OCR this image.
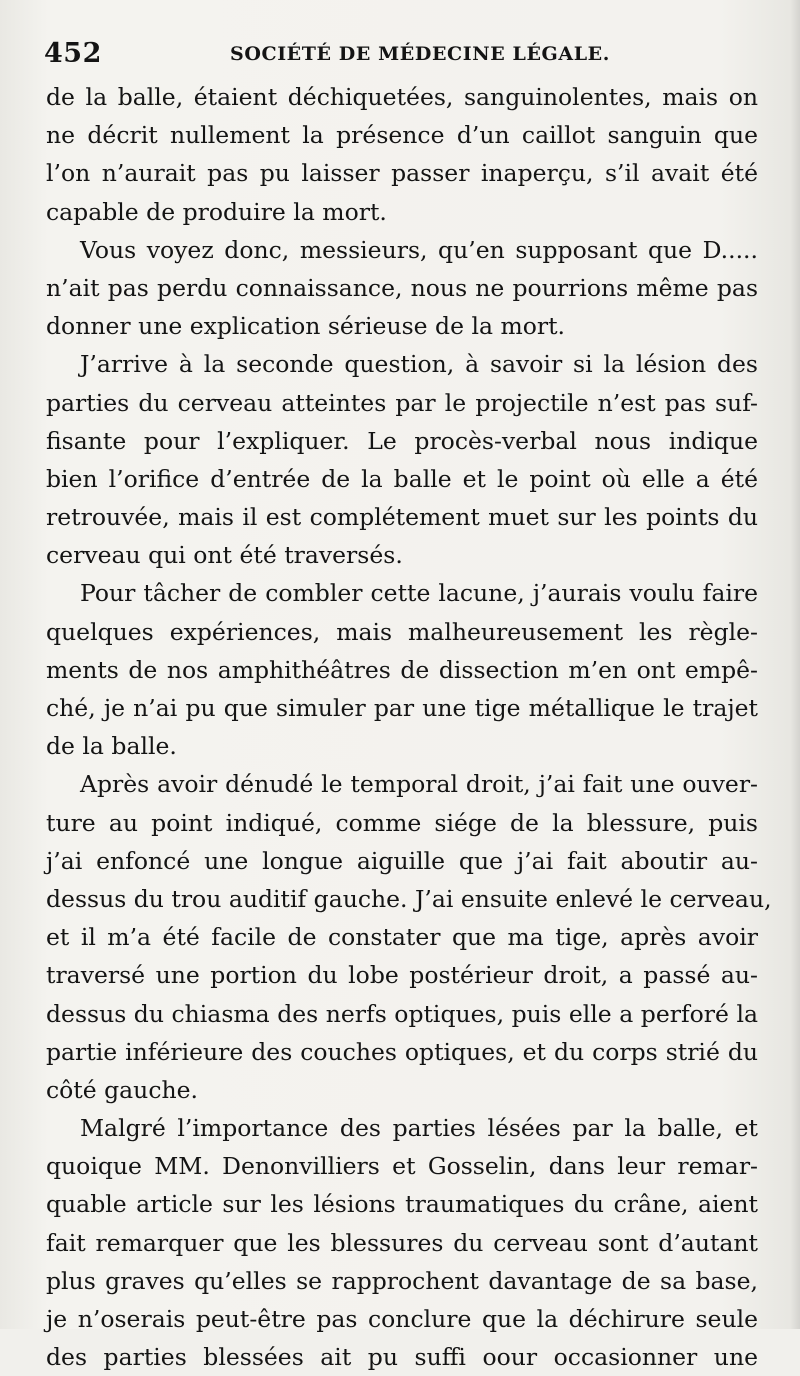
452	SOCIÉTÉ DE MÉDECINE LÉGALE.
de la balle, étaient déchiquetées, sanguinolentes, mais on
ne décrit nullement la présence d’un caillot sanguin que
l’on n’aurait pas pu laisser passer inaperçu, s’il avait été
capable de produire la mort.
Vous voyez donc, messieurs, qu’en supposant que D.....
n’ait pas perdu connaissance, nous ne pourrions même pas
donner une explication sérieuse de la mort.
J’arrive à la seconde question, à savoir si la lésion des
parties du cerveau atteintes par le projectile n’est pas suf-
fisante pour l’expliquer. Le procès-verbal nous indique
bien l’orifice d’entrée de la balle et le point où elle a été
retrouvée, mais il est complétement muet sur les points du
cerveau qui ont été traversés.
Pour tâcher de combler cette lacune, j’aurais voulu faire
quelques expériences, mais malheureusement les règle-
ments de nos amphithéâtres de dissection m’en ont empê-
ché, je n’ai pu que simuler par une tige métallique le trajet
de la balle.
Après avoir dénudé le temporal droit, j’ai fait une ouver-
ture au point indiqué, comme siége de la blessure, puis
j’ai enfoncé une longue aiguille que j’ai fait aboutir au-
dessus du trou auditif gauche. J’ai ensuite enlevé le cerveau,
et il m’a été facile de constater que ma tige, après avoir
traversé une portion du lobe postérieur droit, a passé au-
dessus du chiasma des nerfs optiques, puis elle a perforé la
partie inférieure des couches optiques, et du corps strié du
côté gauche.
Malgré l’importance des parties lésées par la balle, et
quoique MM. Denonvilliers et Gosselin, dans leur remar-
quable article sur les lésions traumatiques du crâne, aient
fait remarquer que les blessures du cerveau sont d’autant
plus graves qu’elles se rapprochent davantage de sa base,
je n’oserais peut-être pas conclure que la déchirure seule
des parties blessées ait pu suffi oour occasionner une
